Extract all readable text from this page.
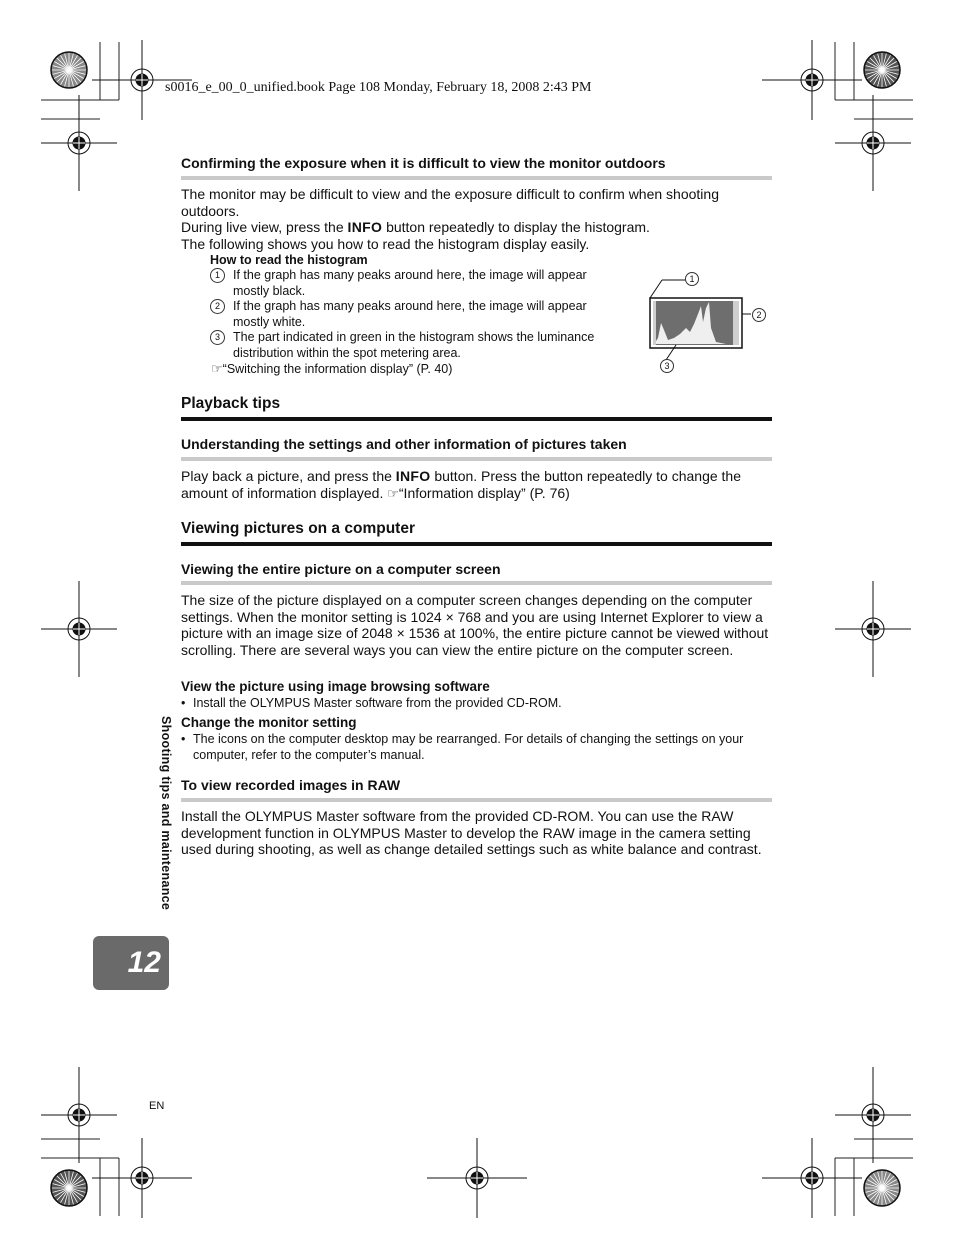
s0016_e_00_0_unified.book Page 108 Monday, February 18, 2008 2:43 PM
Confirming the exposure when it is difficult to view the monitor outdoors

The monitor may be difficult to view and the exposure difficult to confirm when shooting outdoors.

During live view, press the INFO button repeatedly to display the histogram.

The following shows you how to read the histogram display easily.

How to read the histogram
1	If the graph has many peaks around here, the image will appear mostly black.
2	If the graph has many peaks around here, the image will appear mostly white.
3	The part indicated in green in the histogram shows the luminance distribution within the spot metering area.
☞“Switching the information display” (P. 40)
1
2
3
Playback tips
Understanding the settings and other information of pictures taken

Play back a picture, and press the INFO button. Press the button repeatedly to change the amount of information displayed. ☞“Information display” (P. 76)

Viewing pictures on a computer
Viewing the entire picture on a computer screen

The size of the picture displayed on a computer screen changes depending on the computer settings. When the monitor setting is 1024 × 768 and you are using Internet Explorer to view a picture with an image size of 2048 × 1536 at 100%, the entire picture cannot be viewed without scrolling. There are several ways you can view the entire picture on the computer screen.

View the picture using image browsing software
• Install the OLYMPUS Master software from the provided CD-ROM.
Change the monitor setting
• The icons on the computer desktop may be rearranged. For details of changing the settings on your computer, refer to the computer’s manual.
To view recorded images in RAW

Install the OLYMPUS Master software from the provided CD-ROM. You can use the RAW development function in OLYMPUS Master to develop the RAW image in the camera setting used during shooting, as well as change detailed settings such as white balance and contrast.

Shooting tips and maintenance
12
EN
